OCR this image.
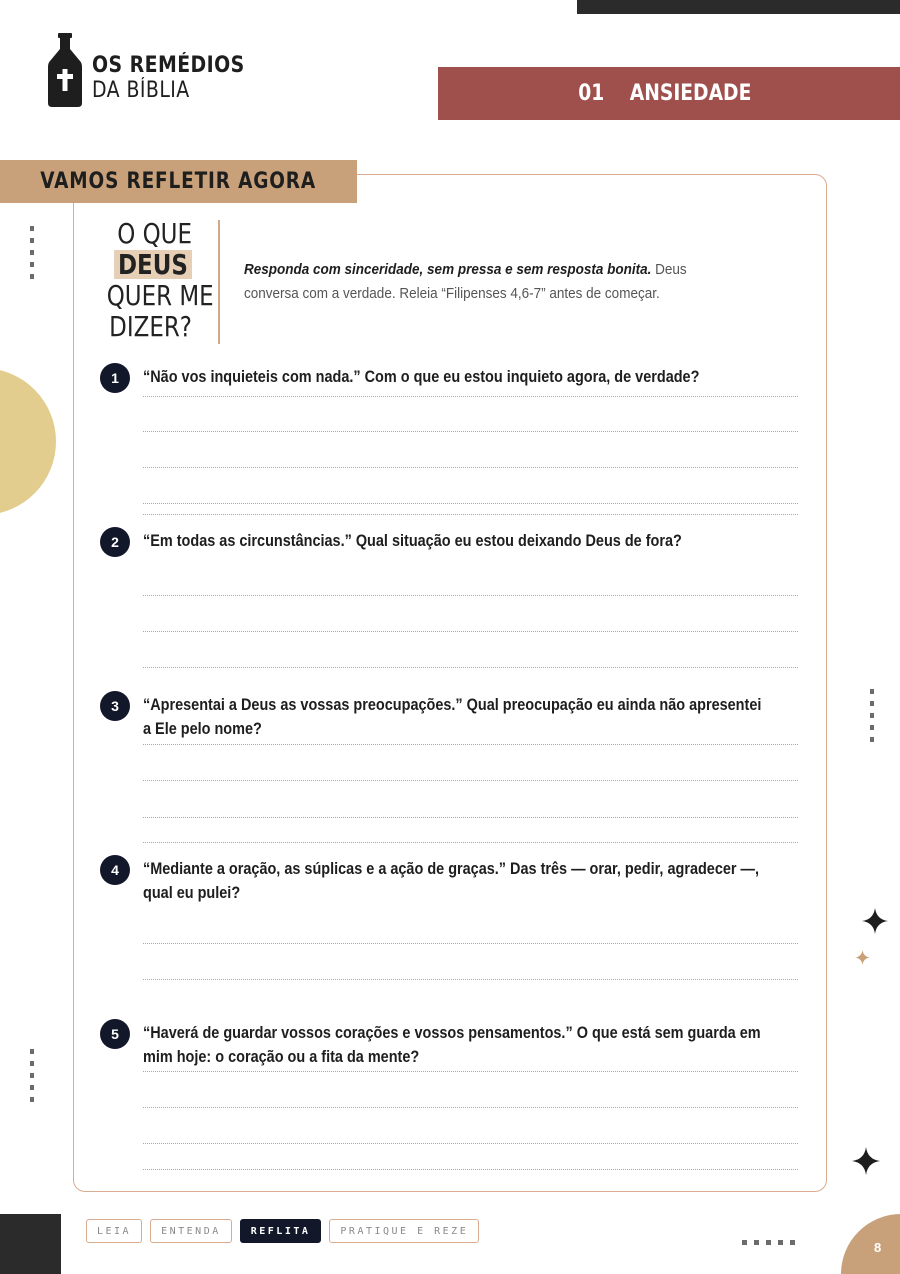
OS REMÉDIOS
DA BÍBLIA	01 ANSIEDADE
VAMOS REFLETIR AGORA
O QUE
DEUS
QUER ME
DIZER?

Responda com sinceridade, sem pressa e sem resposta bonita. Deus conversa com a verdade. Releia “Filipenses 4,6-7” antes de começar.

1	“Não vos inquieteis com nada.” Com o que eu estou inquieto agora, de verdade?
2	“Em todas as circunstâncias.” Qual situação eu estou deixando Deus de fora?
3	“Apresentai a Deus as vossas preocupações.” Qual preocupação eu ainda não apresentei a Ele pelo nome?
4	“Mediante a oração, as súplicas e a ação de graças.” Das três — orar, pedir, agradecer —, qual eu pulei?
5	“Haverá de guardar vossos corações e vossos pensamentos.” O que está sem guarda em mim hoje: o coração ou a fita da mente?
LEIA	ENTENDA	REFLITA	PRATIQUE E REZE
8
